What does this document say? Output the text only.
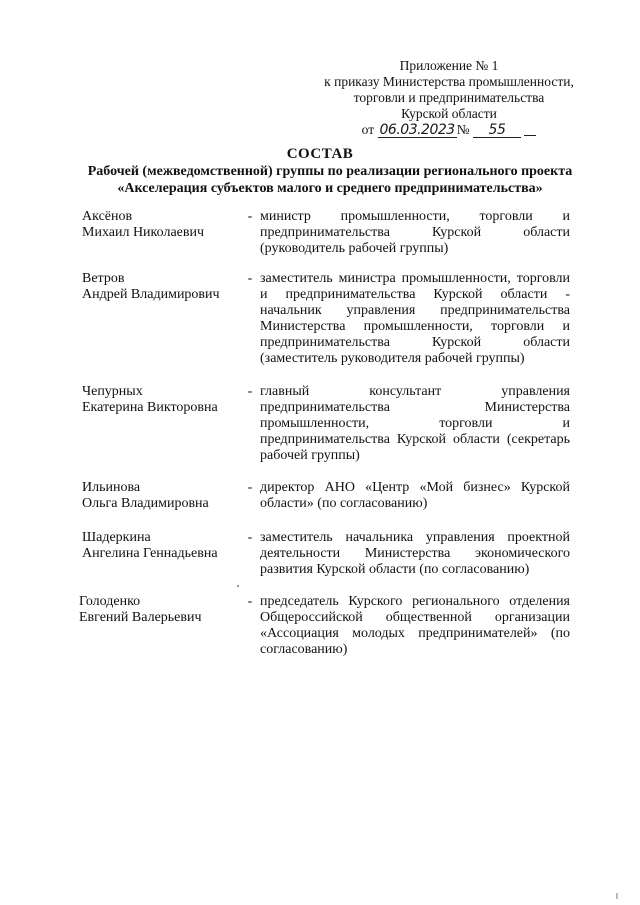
Приложение № 1
к приказу Министерства промышленности,
торговли и предпринимательства
Курской области
от 06.03.2023 № 55
СОСТАВ
Рабочей (межведомственной) группы по реализации регионального проекта
«Акселерация субъектов малого и среднего предпринимательства»
Аксёнов
Михаил Николаевич
- министр промышленности, торговли и предпринимательства Курской области (руководитель рабочей группы)
Ветров
Андрей Владимирович
- заместитель министра промышленности, торговли и предпринимательства Курской области - начальник управления предпринимательства Министерства промышленности, торговли и предпринимательства Курской области (заместитель руководителя рабочей группы)
Чепурных
Екатерина Викторовна
- главный консультант управления предпринимательства Министерства промышленности, торговли и предпринимательства Курской области (секретарь рабочей группы)
Ильинова
Ольга Владимировна
- директор АНО «Центр «Мой бизнес» Курской области» (по согласованию)
Шадеркина
Ангелина Геннадьевна
- заместитель начальника управления проектной деятельности Министерства экономического развития Курской области (по согласованию)
Голоденко
Евгений Валерьевич
- председатель Курского регионального отделения Общероссийской общественной организации «Ассоциация молодых предпринимателей» (по согласованию)
